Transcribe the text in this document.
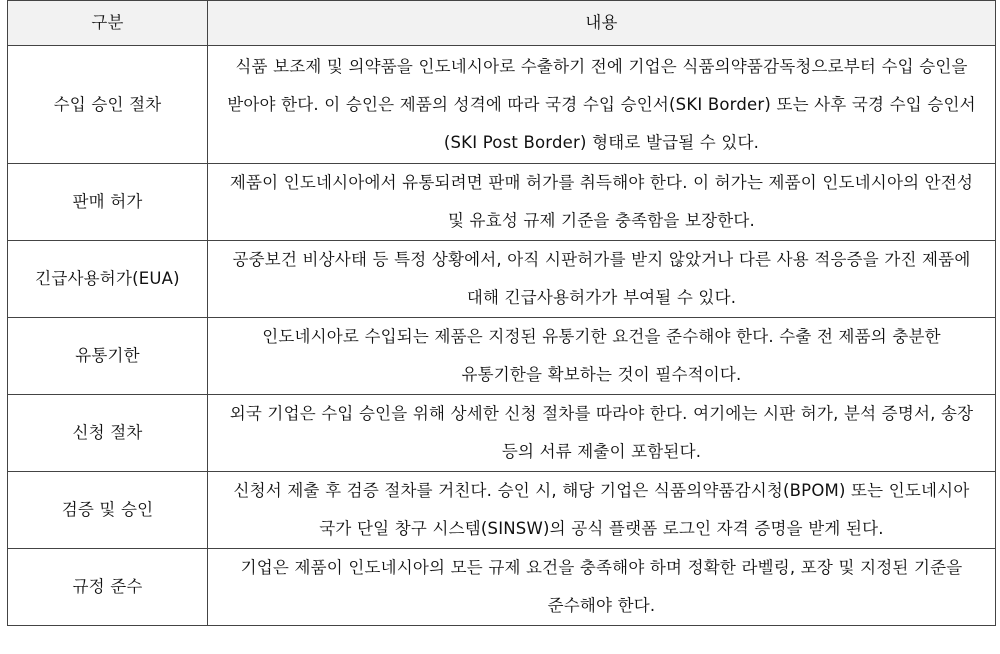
구분	내용
수입 승인 절차	식품 보조제 및 의약품을 인도네시아로 수출하기 전에 기업은 식품의약품감독청으로부터 수입 승인을 받아야 한다. 이 승인은 제품의 성격에 따라 국경 수입 승인서(SKI Border) 또는 사후 국경 수입 승인서(SKI Post Border) 형태로 발급될 수 있다.
판매 허가	제품이 인도네시아에서 유통되려면 판매 허가를 취득해야 한다. 이 허가는 제품이 인도네시아의 안전성 및 유효성 규제 기준을 충족함을 보장한다.
긴급사용허가(EUA)	공중보건 비상사태 등 특정 상황에서, 아직 시판허가를 받지 않았거나 다른 사용 적응증을 가진 제품에 대해 긴급사용허가가 부여될 수 있다.
유통기한	인도네시아로 수입되는 제품은 지정된 유통기한 요건을 준수해야 한다. 수출 전 제품의 충분한 유통기한을 확보하는 것이 필수적이다.
신청 절차	외국 기업은 수입 승인을 위해 상세한 신청 절차를 따라야 한다. 여기에는 시판 허가, 분석 증명서, 송장 등의 서류 제출이 포함된다.
검증 및 승인	신청서 제출 후 검증 절차를 거친다. 승인 시, 해당 기업은 식품의약품감시청(BPOM) 또는 인도네시아 국가 단일 창구 시스템(SINSW)의 공식 플랫폼 로그인 자격 증명을 받게 된다.
규정 준수	기업은 제품이 인도네시아의 모든 규제 요건을 충족해야 하며 정확한 라벨링, 포장 및 지정된 기준을 준수해야 한다.
